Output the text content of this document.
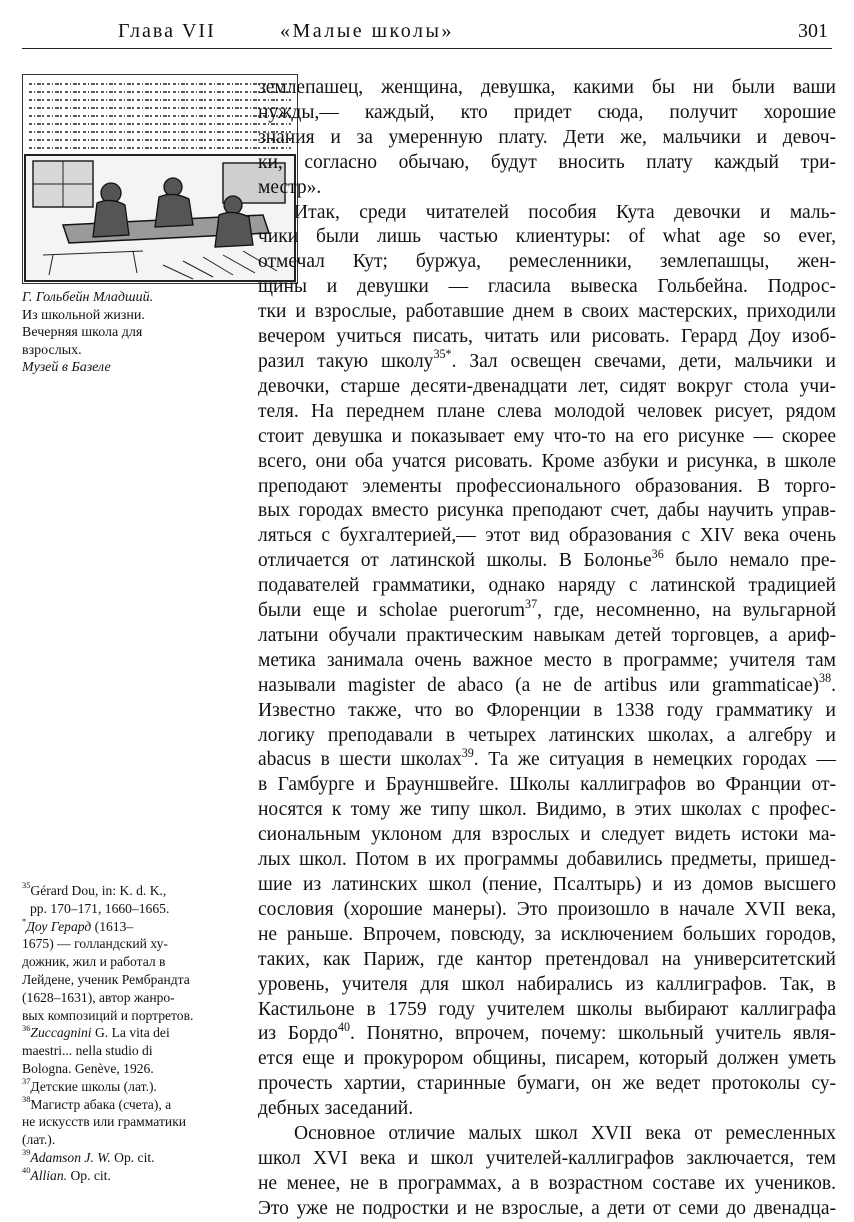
Глава VII	«Малые школы»	301
Г. Гольбейн Младший.
Из школьной жизни.
Вечерняя школа для
взрослых.
Музей в Базеле
землепашец, женщина, девушка, какими бы ни были ваши
нужды,— каждый, кто придет сюда, получит хорошие
знания и за умеренную плату. Дети же, мальчики и девоч-
ки, согласно обычаю, будут вносить плату каждый три-
местр».
Итак, среди читателей пособия Кута девочки и маль-
чики были лишь частью клиентуры: of what age so ever,
отмечал Кут; буржуа, ремесленники, землепашцы, жен-
щины и девушки — гласила вывеска Гольбейна. Подрос-
тки и взрослые, работавшие днем в своих мастерских, приходили
вечером учиться писать, читать или рисовать. Герард Доу изоб-
разил такую школу$^{35*}$. Зал освещен свечами, дети, мальчики и
девочки, старше десяти-двенадцати лет, сидят вокруг стола учи-
теля. На переднем плане слева молодой человек рисует, рядом
стоит девушка и показывает ему что-то на его рисунке — скорее
всего, они оба учатся рисовать. Кроме азбуки и рисунка, в школе
преподают элементы профессионального образования. В торго-
вых городах вместо рисунка преподают счет, дабы научить управ-
ляться с бухгалтерией,— этот вид образования с XIV века очень
отличается от латинской школы. В Болонье$^{36}$ было немало пре-
подавателей грамматики, однако наряду с латинской традицией
были еще и scholae puerorum$^{37}$, где, несомненно, на вульгарной
латыни обучали практическим навыкам детей торговцев, а ариф-
метика занимала очень важное место в программе; учителя там
называли magister de abaco (а не de artibus или grammaticae)$^{38}$.
Известно также, что во Флоренции в 1338 году грамматику и
логику преподавали в четырех латинских школах, а алгебру и
abacus в шести школах$^{39}$. Та же ситуация в немецких городах —
в Гамбурге и Брауншвейге. Школы каллиграфов во Франции от-
носятся к тому же типу школ. Видимо, в этих школах с профес-
сиональным уклоном для взрослых и следует видеть истоки ма-
лых школ. Потом в их программы добавились предметы, пришед-
шие из латинских школ (пение, Псалтырь) и из домов высшего
сословия (хорошие манеры). Это произошло в начале XVII века,
не раньше. Впрочем, повсюду, за исключением больших городов,
таких, как Париж, где кантор претендовал на университетский
уровень, учителя для школ набирались из каллиграфов. Так, в
Кастильоне в 1759 году учителем школы выбирают каллиграфа
из Бордо$^{40}$. Понятно, впрочем, почему: школьный учитель явля-
ется еще и прокурором общины, писарем, который должен уметь
прочесть хартии, старинные бумаги, он же ведет протоколы су-
дебных заседаний.
Основное отличие малых школ XVII века от ремесленных
школ XVI века и школ учителей-каллиграфов заключается, тем
не менее, не в программах, а в возрастном составе их учеников.
Это уже не подростки и не взрослые, а дети от семи до двенадца-
$^{35}$Gérard Dou, in: K. d. K.,
pp. 170–171, 1660–1665.
*Доу Герард (1613–
1675) — голландский ху-
дожник, жил и работал в
Лейдене, ученик Рембрандта
(1628–1631), автор жанро-
вых композиций и портретов.
$^{36}$Zuccagnini G. La vita dei
maestri... nella studio di
Bologna. Genève, 1926.
$^{37}$Детские школы (лат.).
$^{38}$Магистр абака (счета), а
не искусств или грамматики
(лат.).
$^{39}$Adamson J. W. Op. cit.
$^{40}$Allian. Op. cit.
